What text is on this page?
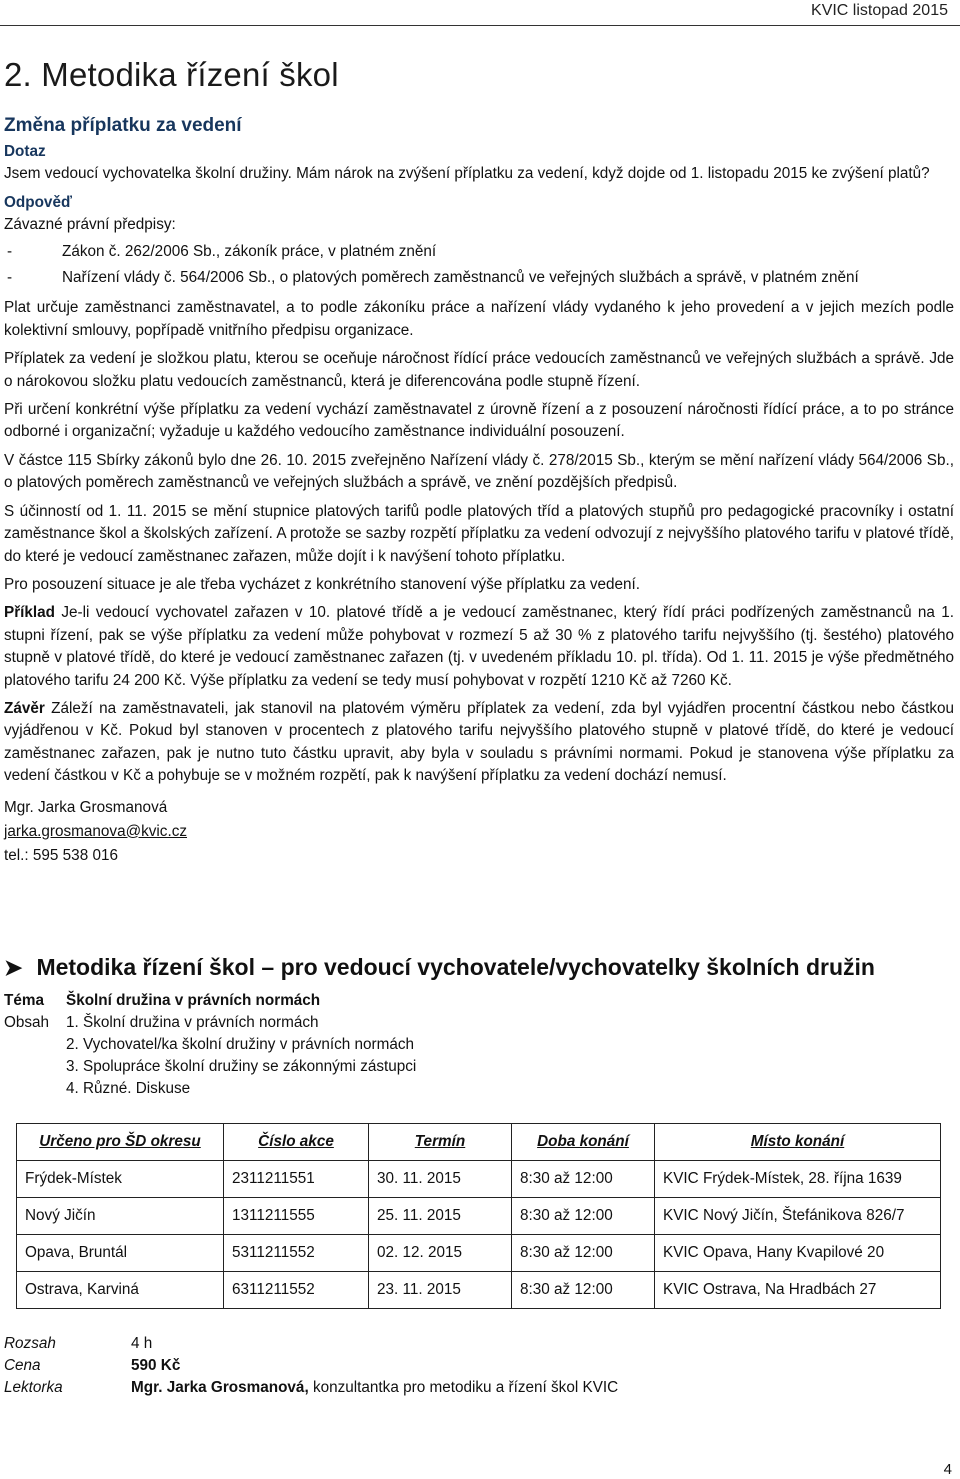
KVIC listopad 2015
2. Metodika řízení škol
Změna příplatku za vedení
Dotaz

Jsem vedoucí vychovatelka školní družiny. Mám nárok na zvýšení příplatku za vedení, když dojde od 1. listopadu 2015 ke zvýšení platů?

Odpověď
Závazné právní předpisy:
-	Zákon č. 262/2006 Sb., zákoník práce, v platném znění
-	Nařízení vlády č. 564/2006 Sb., o platových poměrech zaměstnanců ve veřejných službách a správě, v platném znění

Plat určuje zaměstnanci zaměstnavatel, a to podle zákoníku práce a nařízení vlády vydaného k jeho provedení a v jejich mezích podle kolektivní smlouvy, popřípadě vnitřního předpisu organizace.

Příplatek za vedení je složkou platu, kterou se oceňuje náročnost řídící práce vedoucích zaměstnanců ve veřejných službách a správě. Jde o nárokovou složku platu vedoucích zaměstnanců, která je diferencována podle stupně řízení.

Při určení konkrétní výše příplatku za vedení vychází zaměstnavatel z úrovně řízení a z posouzení náročnosti řídící práce, a to po stránce odborné i organizační; vyžaduje u každého vedoucího zaměstnance individuální posouzení.

V částce 115 Sbírky zákonů bylo dne 26. 10. 2015 zveřejněno Nařízení vlády č. 278/2015 Sb., kterým se mění nařízení vlády 564/2006 Sb., o platových poměrech zaměstnanců ve veřejných službách a správě, ve znění pozdějších předpisů.

S účinností od 1. 11. 2015 se mění stupnice platových tarifů podle platových tříd a platových stupňů pro pedagogické pracovníky i ostatní zaměstnance škol a školských zařízení. A protože se sazby rozpětí příplatku za vedení odvozují z nejvyššího platového tarifu v platové třídě, do které je vedoucí zaměstnanec zařazen, může dojít i k navýšení tohoto příplatku.

Pro posouzení situace je ale třeba vycházet z konkrétního stanovení výše příplatku za vedení.

Příklad Je-li vedoucí vychovatel zařazen v 10. platové třídě a je vedoucí zaměstnanec, který řídí práci podřízených zaměstnanců na 1. stupni řízení, pak se výše příplatku za vedení může pohybovat v rozmezí 5 až 30 % z platového tarifu nejvyššího (tj. šestého) platového stupně v platové třídě, do které je vedoucí zaměstnanec zařazen (tj. v uvedeném příkladu 10. pl. třída). Od 1. 11. 2015 je výše předmětného platového tarifu 24 200 Kč. Výše příplatku za vedení se tedy musí pohybovat v rozpětí 1210 Kč až 7260 Kč.

Závěr Záleží na zaměstnavateli, jak stanovil na platovém výměru příplatek za vedení, zda byl vyjádřen procentní částkou nebo částkou vyjádřenou v Kč. Pokud byl stanoven v procentech z platového tarifu nejvyššího platového stupně v platové třídě, do které je vedoucí zaměstnanec zařazen, pak je nutno tuto částku upravit, aby byla v souladu s právními normami. Pokud je stanovena výše příplatku za vedení částkou v Kč a pohybuje se v možném rozpětí, pak k navýšení příplatku za vedení dochází nemusí.

Mgr. Jarka Grosmanová
jarka.grosmanova@kvic.cz
tel.: 595 538 016
➤ Metodika řízení škol – pro vedoucí vychovatele/vychovatelky školních družin
Téma	Školní družina v právních normách
Obsah	1. Školní družina v právních normách
2. Vychovatel/ka školní družiny v právních normách
3. Spolupráce školní družiny se zákonnými zástupci
4. Různé. Diskuse
Určeno pro ŠD okresu	Číslo akce	Termín	Doba konání	Místo konání
Frýdek-Místek	2311211551	30. 11. 2015	8:30 až 12:00	KVIC Frýdek-Místek, 28. října 1639
Nový Jičín	1311211555	25. 11. 2015	8:30 až 12:00	KVIC Nový Jičín, Štefánikova 826/7
Opava, Bruntál	5311211552	02. 12. 2015	8:30 až 12:00	KVIC Opava, Hany Kvapilové 20
Ostrava, Karviná	6311211552	23. 11. 2015	8:30 až 12:00	KVIC Ostrava, Na Hradbách 27
Rozsah	4 h
Cena	590 Kč
Lektorka	Mgr. Jarka Grosmanová, konzultantka pro metodiku a řízení škol KVIC
4
